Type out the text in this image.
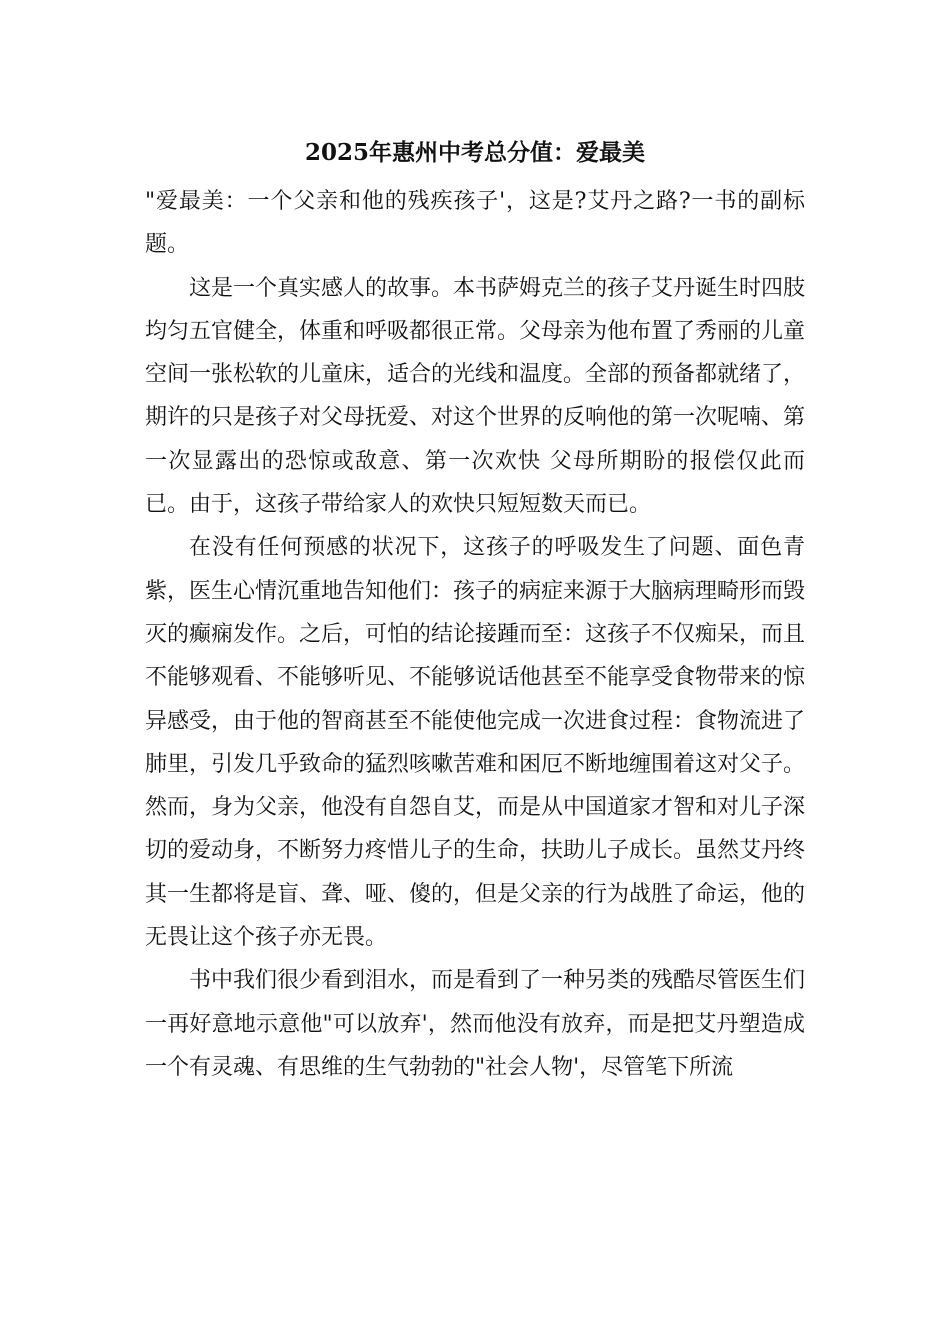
2025年惠州中考总分值：爱最美

"爱最美：一个父亲和他的残疾孩子'，这是?艾丹之路?一书的副标题。

这是一个真实感人的故事。本书萨姆克兰的孩子艾丹诞生时四肢均匀五官健全，体重和呼吸都很正常。父母亲为他布置了秀丽的儿童空间一张松软的儿童床，适合的光线和温度。全部的预备都就绪了，期许的只是孩子对父母抚爱、对这个世界的反响他的第一次呢喃、第一次显露出的恐惊或敌意、第一次欢快 父母所期盼的报偿仅此而已。由于，这孩子带给家人的欢快只短短数天而已。

在没有任何预感的状况下，这孩子的呼吸发生了问题、面色青紫，医生心情沉重地告知他们：孩子的病症来源于大脑病理畸形而毁灭的癫痫发作。之后，可怕的结论接踵而至：这孩子不仅痴呆，而且不能够观看、不能够听见、不能够说话他甚至不能享受食物带来的惊异感受，由于他的智商甚至不能使他完成一次进食过程：食物流进了肺里，引发几乎致命的猛烈咳嗽苦难和困厄不断地缠围着这对父子。然而，身为父亲，他没有自怨自艾，而是从中国道家才智和对儿子深切的爱动身，不断努力疼惜儿子的生命，扶助儿子成长。虽然艾丹终其一生都将是盲、聋、哑、傻的，但是父亲的行为战胜了命运，他的无畏让这个孩子亦无畏。

书中我们很少看到泪水，而是看到了一种另类的残酷尽管医生们一再好意地示意他"可以放弃'，然而他没有放弃，而是把艾丹塑造成一个有灵魂、有思维的生气勃勃的"社会人物'，尽管笔下所流
